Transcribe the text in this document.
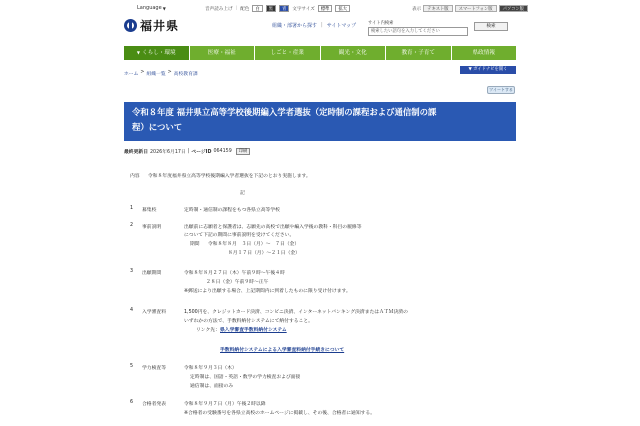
Language ▼	音声読み上げ | 配色	白	黒	青	文字サイズ	標準	拡大	表示	テキスト版	スマートフォン版	パソコン版
福井県	組織・部署から探す | サイトマップ	サイト内検索
検索したい語句を入力してください
検索
▼ くらし・環境	医療・福祉	しごと・産業	観光・文化	教育・子育て	県政情報
ホーム > 組織一覧 > 高校教育課
▼ ガイドナビを開く
ツイートする
令和８年度 福井県立高等学校後期編入学者選抜（定時制の課程および通信制の課
程）について
最終更新日 2026年6月17日 | ページID 064159	印刷
内容 令和８年度福井県立高等学校後期編入学者選抜を下記のとおり実施します。
記
1 募集校	定時制・通信制の課程をもつ各県立高等学校
2 事前説明	出願前に志願者と保護者は、志願先の高校で出願や編入学後の教科・科目の履修等
について下記の期間に事前説明を受けてください。
期間 令和８年８月　３日（月）～　７日（金）
８月１７日（月）～２１日（金）
3 出願期間	令和８年８月２７日（木）午前９時～午後４時
２８日（金）午前９時～正午
※郵送により出願する場合、上記期間内に到着したものに限り受け付けます。
4 入学審査料	1,500円を、クレジットカード決済、コンビニ決済、インターネットバンキング決済またはＡＴＭ決済の
いずれかの方法で、手数料納付システムにて納付すること。
リンク先： 県入学審査手数料納付システム
手数料納付システムによる入学審査料納付手続きについて
5 学力検査等	令和８年９月３日（木）
定時制は、国語・英語・数学の学力検査および面接
通信制は、面接のみ
6 合格者発表	令和８年９月７日（月）午後２時以降
※合格者の受験番号を各県立高校のホームページに掲載し、その後、合格者に通知する。
